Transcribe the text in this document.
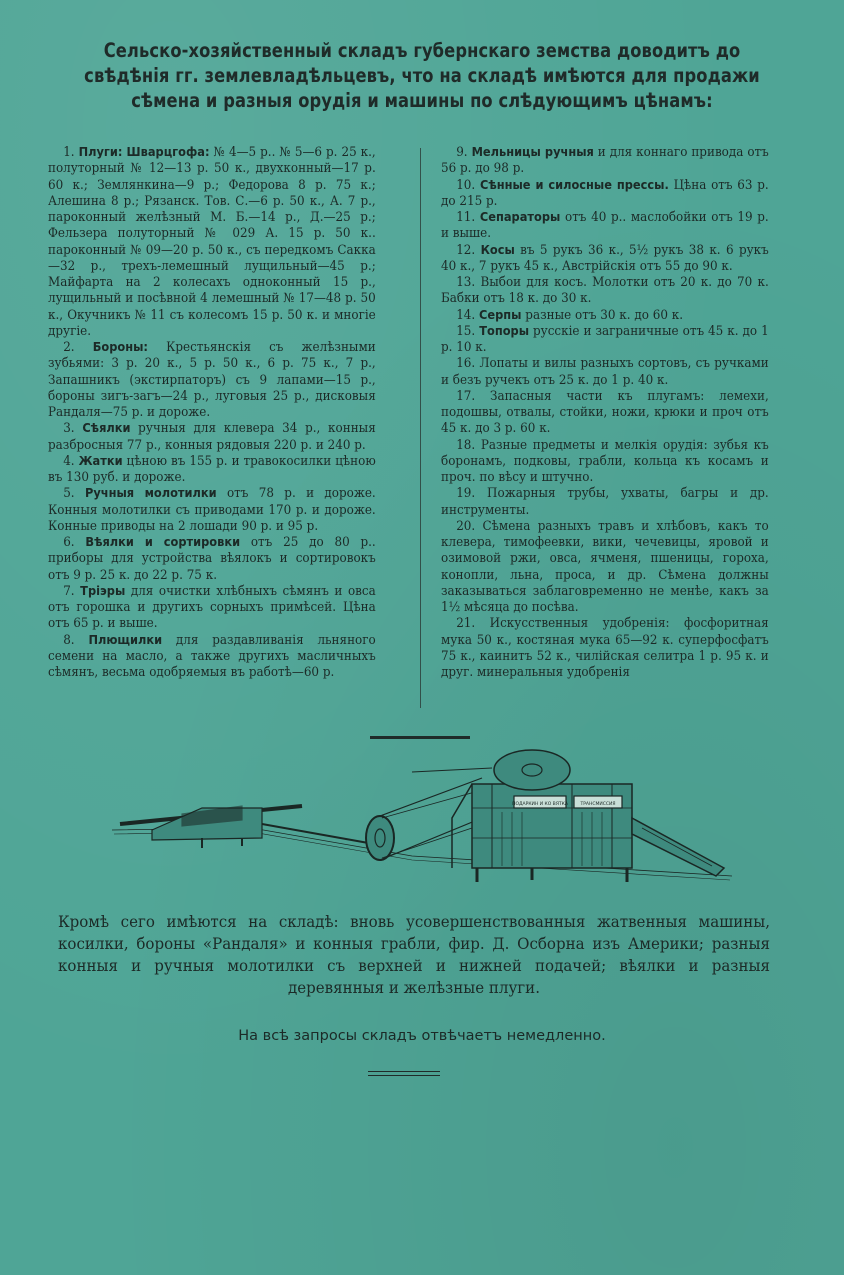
Сельско-хозяйственный складъ губернскаго земства доводитъ до свѣдѣнія гг. землевладѣльцевъ, что на складѣ имѣются для продажи сѣмена и разныя орудія и машины по слѣдующимъ цѣнамъ:

1. Плуги: Шварцгофа: № 4—5 р.. № 5—6 р. 25 к., полуторный № 12—13 р. 50 к., двухконный—17 р. 60 к.; Землянкина—9 р.; Федорова 8 р. 75 к.; Алешина 8 р.; Рязанск. Тов. С.—6 р. 50 к., А. 7 р., пароконный желѣзный М. Б.—14 р., Д.—25 р.; Фельзера полуторный № 029 А. 15 р. 50 к.. пароконный № 09—20 р. 50 к., съ передкомъ Сакка—32 р., трехъ-лемешный лущильный—45 р.; Майфарта на 2 колесахъ одноконный 15 р., лущильный и посѣвной 4 лемешный № 17—48 р. 50 к., Окучникъ № 11 съ колесомъ 15 р. 50 к. и многіе другіе.

2. Бороны: Крестьянскія съ желѣзными зубьями: 3 р. 20 к., 5 р. 50 к., 6 р. 75 к., 7 р., Запашникъ (экстирпаторъ) съ 9 лапами—15 р., бороны зигъ-загъ—24 р., луговыя 25 р., дисковыя Рандаля—75 р. и дороже.

3. Сѣялки ручныя для клевера 34 р., конныя разбросныя 77 р., конныя рядовыя 220 р. и 240 р.

4. Жатки цѣною въ 155 р. и травокосилки цѣною въ 130 руб. и дороже.

5. Ручныя молотилки отъ 78 р. и дороже. Конныя молотилки съ приводами 170 р. и дороже. Конные приводы на 2 лошади 90 р. и 95 р.

6. Вѣялки и сортировки отъ 25 до 80 р.. приборы для устройства вѣялокъ и сортировокъ отъ 9 р. 25 к. до 22 р. 75 к.

7. Тріэры для очистки хлѣбныхъ сѣмянъ и овса отъ горошка и другихъ сорныхъ примѣсей. Цѣна отъ 65 р. и выше.

8. Плющилки для раздавливанія льняного семени на масло, а также другихъ масличныхъ сѣмянъ, весьма одобряемыя въ работѣ—60 р.

9. Мельницы ручныя и для коннаго привода отъ 56 р. до 98 р.

10. Сѣнные и силосные прессы. Цѣна отъ 63 р. до 215 р.

11. Сепараторы отъ 40 р.. маслобойки отъ 19 р. и выше.

12. Косы въ 5 рукъ 36 к., 5½ рукъ 38 к. 6 рукъ 40 к., 7 рукъ 45 к., Австрійскія отъ 55 до 90 к.

13. Выбои для косъ. Молотки отъ 20 к. до 70 к. Бабки отъ 18 к. до 30 к.

14. Серпы разные отъ 30 к. до 60 к.

15. Топоры русскіе и заграничные отъ 45 к. до 1 р. 10 к.

16. Лопаты и вилы разныхъ сортовъ, съ ручками и безъ ручекъ отъ 25 к. до 1 р. 40 к.

17. Запасныя части къ плугамъ: лемехи, подошвы, отвалы, стойки, ножи, крюки и проч отъ 45 к. до 3 р. 60 к.

18. Разные предметы и мелкія орудія: зубья къ боронамъ, подковы, грабли, кольца къ косамъ и проч. по вѣсу и штучно.

19. Пожарныя трубы, ухваты, багры и др. инструменты.

20. Сѣмена разныхъ травъ и хлѣбовъ, какъ то клевера, тимофеевки, вики, чечевицы, яровой и озимовой ржи, овса, ячменя, пшеницы, гороха, конопли, льна, проса, и др. Сѣмена должны заказываться заблаговременно не менѣе, какъ за 1½ мѣсяца до посѣва.

21. Искусственныя удобренія: фосфоритная мука 50 к., костяная мука 65—92 к. суперфосфатъ 75 к., каинитъ 52 к., чилійская селитра 1 р. 95 к. и друг. минеральныя удобренія

ПОДАРКИН И КО ВЯТКА	ТРАНСМИССИЯ
Кромѣ сего имѣются на складѣ: вновь усовершенствованныя жатвенныя машины, косилки, бороны «Рандаля» и конныя грабли, фир. Д. Осборна изъ Америки; разныя конныя и ручныя молотилки съ верхней и нижней подачей; вѣялки и разныя деревянныя и желѣзные плуги.
На всѣ запросы складъ отвѣчаетъ немедленно.
